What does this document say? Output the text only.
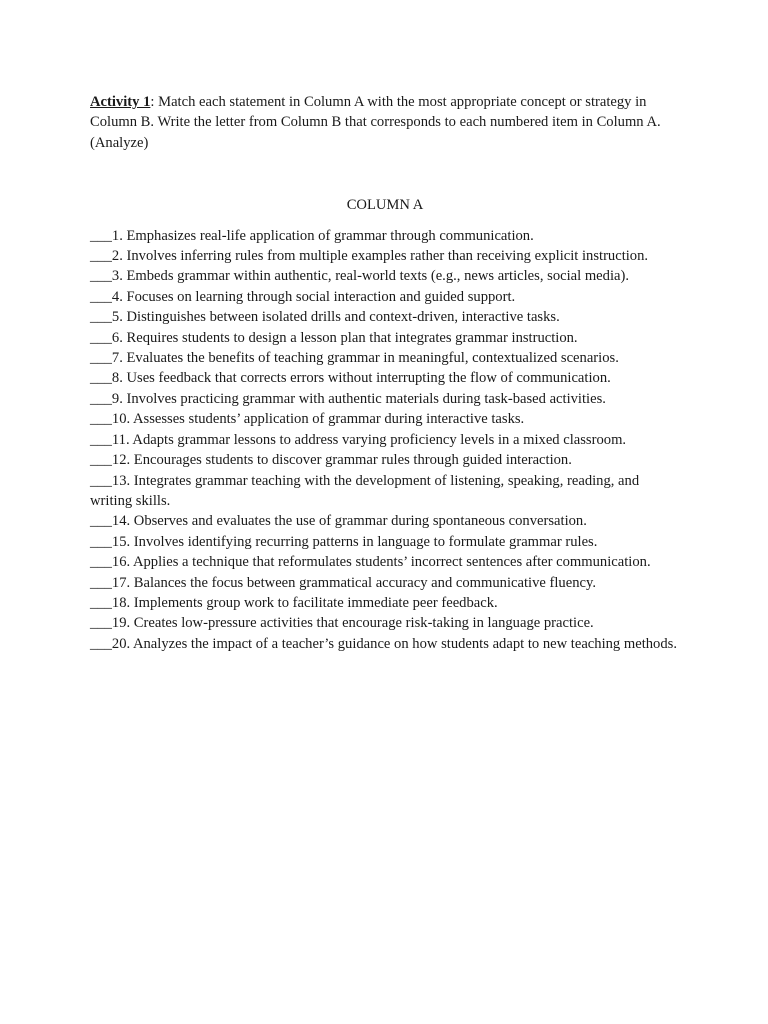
Activity 1: Match each statement in Column A with the most appropriate concept or strategy in Column B. Write the letter from Column B that corresponds to each numbered item in Column A. (Analyze)

COLUMN A
___1. Emphasizes real-life application of grammar through communication.
___2. Involves inferring rules from multiple examples rather than receiving explicit instruction.
___3. Embeds grammar within authentic, real-world texts (e.g., news articles, social media).
___4. Focuses on learning through social interaction and guided support.
___5. Distinguishes between isolated drills and context-driven, interactive tasks.
___6. Requires students to design a lesson plan that integrates grammar instruction.
___7. Evaluates the benefits of teaching grammar in meaningful, contextualized scenarios.
___8. Uses feedback that corrects errors without interrupting the flow of communication.
___9. Involves practicing grammar with authentic materials during task-based activities.
___10. Assesses students’ application of grammar during interactive tasks.
___11. Adapts grammar lessons to address varying proficiency levels in a mixed classroom.
___12. Encourages students to discover grammar rules through guided interaction.
___13. Integrates grammar teaching with the development of listening, speaking, reading, and writing skills.
___14. Observes and evaluates the use of grammar during spontaneous conversation.
___15. Involves identifying recurring patterns in language to formulate grammar rules.
___16. Applies a technique that reformulates students’ incorrect sentences after communication.
___17. Balances the focus between grammatical accuracy and communicative fluency.
___18. Implements group work to facilitate immediate peer feedback.
___19. Creates low-pressure activities that encourage risk-taking in language practice.
___20. Analyzes the impact of a teacher’s guidance on how students adapt to new teaching methods.
